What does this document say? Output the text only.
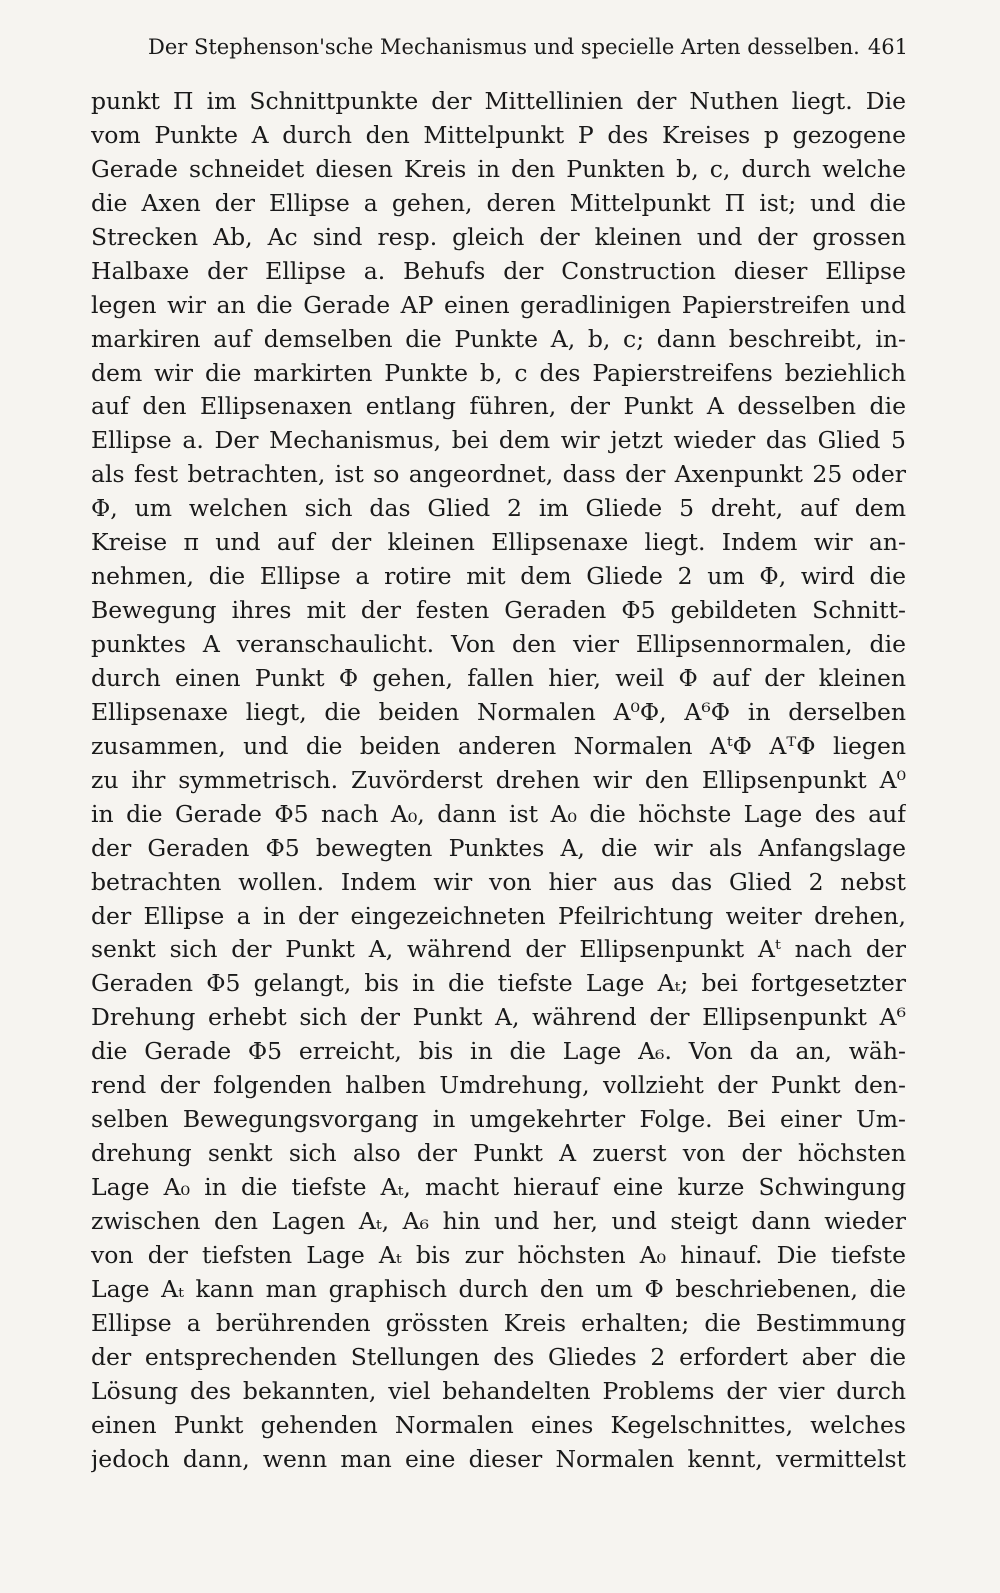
Der Stephenson'sche Mechanismus und specielle Arten desselben. 461
punkt Π im Schnittpunkte der Mittellinien der Nuthen liegt. Die
vom Punkte A durch den Mittelpunkt P des Kreises p gezogene
Gerade schneidet diesen Kreis in den Punkten b, c, durch welche
die Axen der Ellipse a gehen, deren Mittelpunkt Π ist; und die
Strecken Ab, Ac sind resp. gleich der kleinen und der grossen
Halbaxe der Ellipse a. Behufs der Construction dieser Ellipse
legen wir an die Gerade AP einen geradlinigen Papierstreifen und
markiren auf demselben die Punkte A, b, c; dann beschreibt, in-
dem wir die markirten Punkte b, c des Papierstreifens beziehlich
auf den Ellipsenaxen entlang führen, der Punkt A desselben die
Ellipse a. Der Mechanismus, bei dem wir jetzt wieder das Glied 5
als fest betrachten, ist so angeordnet, dass der Axenpunkt 25 oder
Φ, um welchen sich das Glied 2 im Gliede 5 dreht, auf dem
Kreise π und auf der kleinen Ellipsenaxe liegt. Indem wir an-
nehmen, die Ellipse a rotire mit dem Gliede 2 um Φ, wird die
Bewegung ihres mit der festen Geraden Φ5 gebildeten Schnitt-
punktes A veranschaulicht. Von den vier Ellipsennormalen, die
durch einen Punkt Φ gehen, fallen hier, weil Φ auf der kleinen
Ellipsenaxe liegt, die beiden Normalen A⁰Φ, A⁶Φ in derselben
zusammen, und die beiden anderen Normalen AᵗΦ AᵀΦ liegen
zu ihr symmetrisch. Zuvörderst drehen wir den Ellipsenpunkt A⁰
in die Gerade Φ5 nach A₀, dann ist A₀ die höchste Lage des auf
der Geraden Φ5 bewegten Punktes A, die wir als Anfangslage
betrachten wollen. Indem wir von hier aus das Glied 2 nebst
der Ellipse a in der eingezeichneten Pfeilrichtung weiter drehen,
senkt sich der Punkt A, während der Ellipsenpunkt Aᵗ nach der
Geraden Φ5 gelangt, bis in die tiefste Lage Aₜ; bei fortgesetzter
Drehung erhebt sich der Punkt A, während der Ellipsenpunkt A⁶
die Gerade Φ5 erreicht, bis in die Lage A₆. Von da an, wäh-
rend der folgenden halben Umdrehung, vollzieht der Punkt den-
selben Bewegungsvorgang in umgekehrter Folge. Bei einer Um-
drehung senkt sich also der Punkt A zuerst von der höchsten
Lage A₀ in die tiefste Aₜ, macht hierauf eine kurze Schwingung
zwischen den Lagen Aₜ, A₆ hin und her, und steigt dann wieder
von der tiefsten Lage Aₜ bis zur höchsten A₀ hinauf. Die tiefste
Lage Aₜ kann man graphisch durch den um Φ beschriebenen, die
Ellipse a berührenden grössten Kreis erhalten; die Bestimmung
der entsprechenden Stellungen des Gliedes 2 erfordert aber die
Lösung des bekannten, viel behandelten Problems der vier durch
einen Punkt gehenden Normalen eines Kegelschnittes, welches
jedoch dann, wenn man eine dieser Normalen kennt, vermittelst
